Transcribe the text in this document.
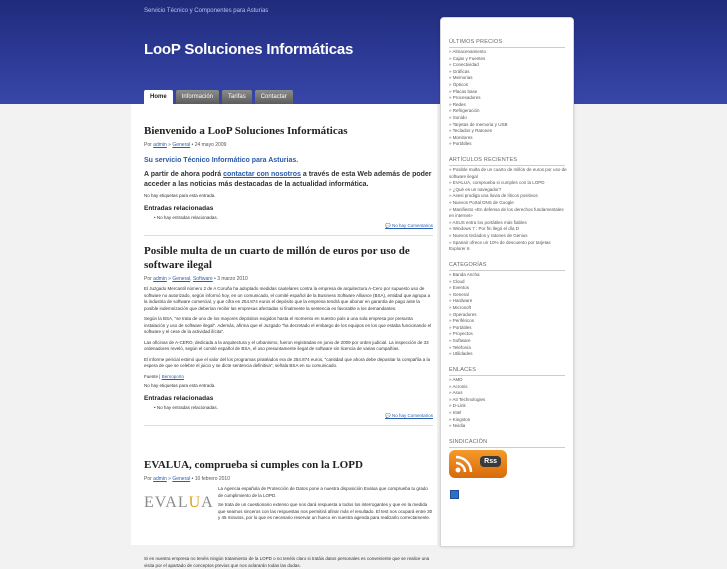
Servicio Técnico y Componentes para Asturias
LooP Soluciones Informáticas
Home	Información	Tarifas	Contactar
Bienvenido a LooP Soluciones Informáticas
Por admin » General • 24 mayo 2009
Su servicio Técnico Informático para Asturias.
A partir de ahora podrá contactar con nosotros a través de esta Web además de poder acceder a las noticias más destacadas de la actualidad informática.
No hay etiquetas para esta entrada.
Entradas relacionadas
• No hay entradas relacionadas.
💬 No hay Comentarios
Posible multa de un cuarto de millón de euros por uso de software ilegal
Por admin » General, Software • 3 marzo 2010
El Juzgado Mercantil número 2 de A Coruña ha adoptado medidas cautelares contra la empresa de arquitectura A-Cero por supuesto uso de software no autorizado, según informó hoy, en un comunicado, el comité español de la Business Software Alliance (BSA), entidad que agrupa a la industria de software comercial, y que cifra en 254.874 euros el depósito que la empresa tendrá que abonar en garantía de pago ante la posible indemnización que deberían recibir las empresas afectadas si finalmente la sentencia es favorable a los demandantes.
Según la BSA, "se trata de uno de los mayores depósitos exigidos hasta el momento en nuestro país a una sola empresa por presunta instalación y uso de software ilegal". Además, afirma que el Juzgado "ha decretado el embargo de los equipos en los que estaba funcionando el software y el cese de la actividad ilícita".
Las oficinas de A-CERO, dedicada a la arquitectura y el urbanismo, fueron registradas en junio de 2009 por orden judicial. La inspección de 33 ordenadores reveló, según el comité español de BSA, el uso presuntamente ilegal de software sin licencia de varias compañías.
El informe pericial estimó que el valor del los programas piratéados era de 254.874 euros, "cantidad que ahora debe depositar la compañía a la espera de que se celebre el juicio y se dicte sentencia definitiva", señala BSA en su comunicado.
Fuente | Bernoporto
No hay etiquetas para esta entrada.
Entradas relacionadas
• No hay entradas relacionadas.
💬 No hay Comentarios
EVALUA, comprueba si cumples con la LOPD
Por admin » General • 10 febrero 2010
EVALUA
La Agencia española de Protección de Datos pone a nuestra disposición Evalua que comprueba tu grado de cumplimiento de la LOPD.
Se trata de un cuestionario extenso que nos dará respuesta a todos los interrogantes y que en la medida que seamos sinceros con las respuestas nos permitirá afinar más el resultado. El test nos ocupará entre 30 y 45 minutos, por lo que es necesario reservar un hueco en nuestra agenda para realizarlo correctamente.
Si en nuestra empresa no tenéis ningún tratamiento de la LOPD o no tenéis claro si tratáis datos personales es conveniente que se realice una visita por el apartado de conceptos previos que nos aclararán todas las dudas.
ÚLTIMOS PRECIOS
» Almacenamiento
» Cajas y Fuentes
» Conectividad
» Gráficas
» Memorias
» Ópticos
» Placas base
» Procesadores
» Redes
» Refrigeración
» Sonido
» Tarjetas de memoria y USB
» Teclados y Ratones
» Monitores
» Portátiles
ARTÍCULOS RECIENTES
» Posible multa de un cuarto de millón de euros por uso de software ilegal
» EVALUA, comprueba si cumples con la LOPD
» ¿Qué es un navegador?
» Asesi prodiga una lluvia de líticos positivos
» Nuevos Portal DNS de Google
» Manifiesto «En defensa de los derechos fundamentales en internet»
» ASUS entra los portátiles más fiables
» Windows 7 : Por fin llegó el día D
» Nuevos teclados y ratones de Genius
» Spanair ofrece un 10% de descuento por tarjetas Explorer 6
CATEGORÍAS
» Banda Ancha
» Cloud
» Eventos
» General
» Hardware
» Microsoft
» Operadores
» Periféricos
» Portátiles
» Proyectos
» Software
» Telefonía
» Utilidades
ENLACES
» AMD
» Acronis
» Asus
» Ati Technologies
» D-Link
» Intel
» Kingston
» Nvidia
SINDICACIÓN
Rss
